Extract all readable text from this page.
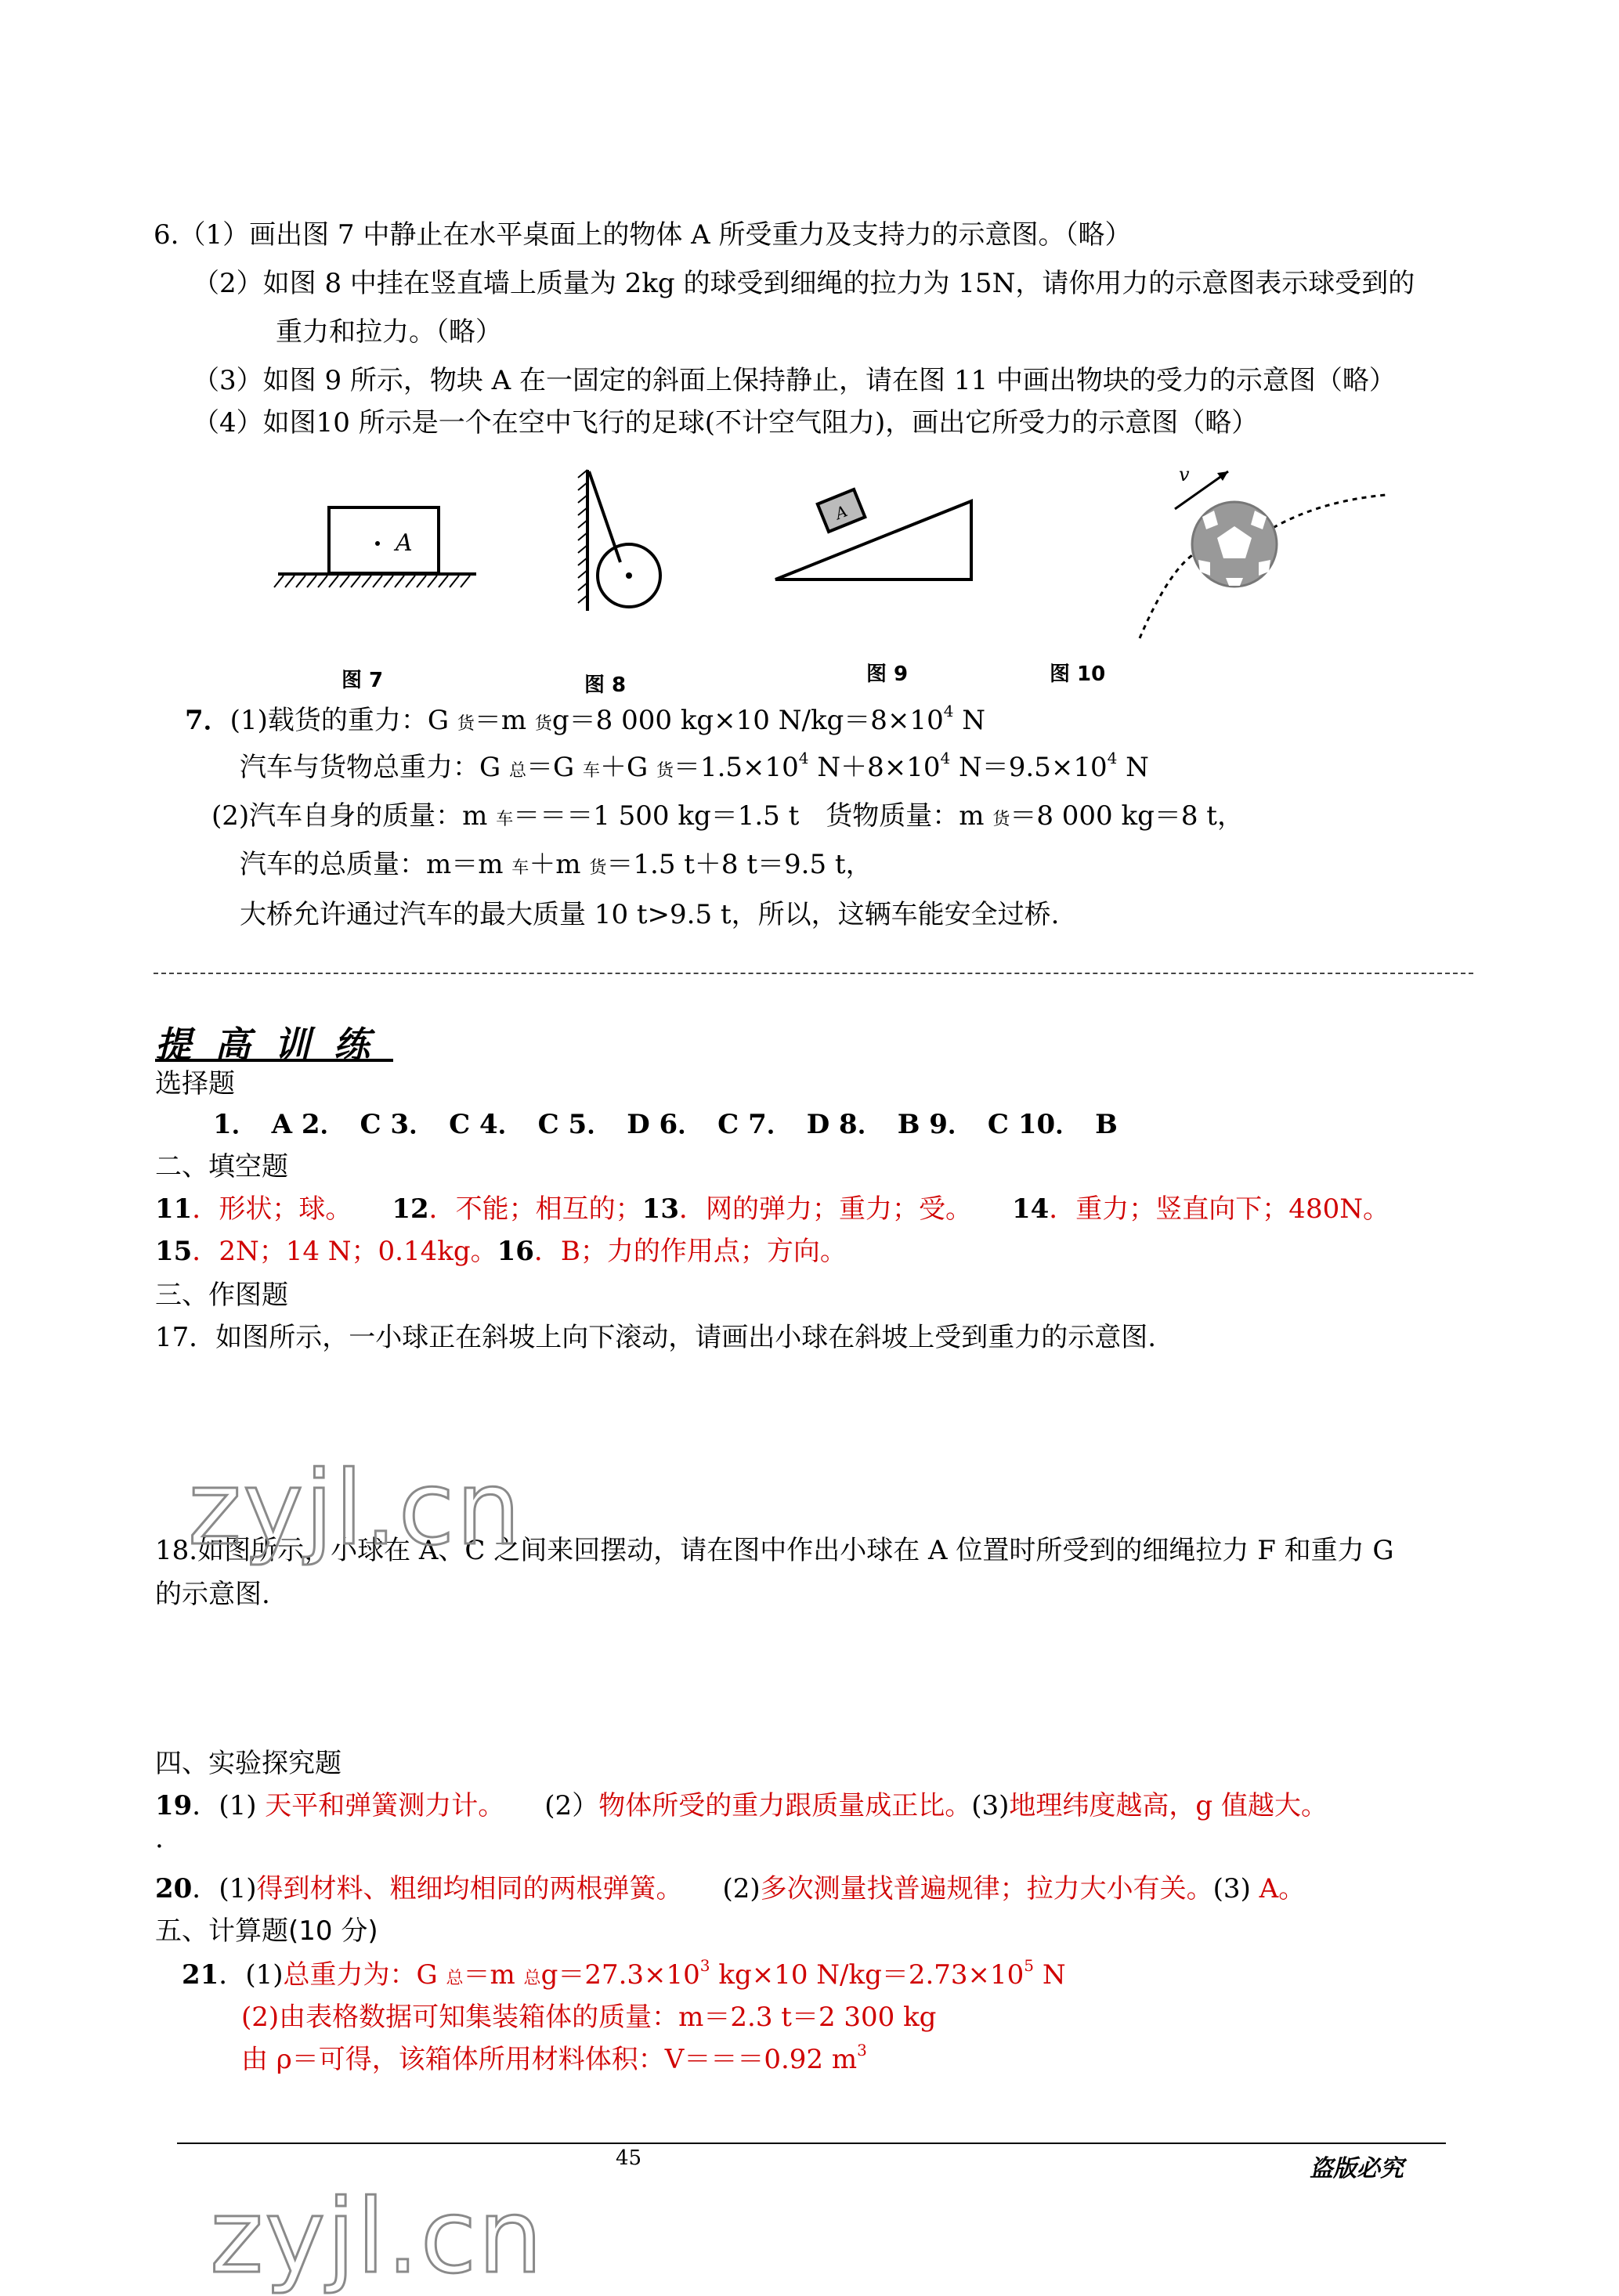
6.（1）画出图 7 中静止在水平桌面上的物体 A 所受重力及支持力的示意图。（略）
（2）如图 8 中挂在竖直墙上质量为 2kg 的球受到细绳的拉力为 15N，请你用力的示意图表示球受到的
重力和拉力。（略）
（3）如图 9 所示，物块 A 在一固定的斜面上保持静止，请在图 11 中画出物块的受力的示意图（略）
（4）如图10 所示是一个在空中飞行的足球(不计空气阻力)，画出它所受力的示意图（略）
A
A
v
图 7	图 8	图 9	图 10
7．(1)载货的重力：G 货＝m 货g＝8 000 kg×10 $N/kg=8\times 10^4$ N
汽车与货物总重力：G 总＝G 车＋G 货$=1.5\times 10^4$ $N+8\times 10^4$ $N=9.5\times 10^4$ N
(2)汽车自身的质量：m 车＝＝＝1 500 kg＝1.5 t　货物质量：m 货＝8 000 kg＝8 t，
汽车的总质量：m＝m 车＋m 货＝1.5 t＋8 t＝9.5 t，
大桥允许通过汽车的最大质量 10 t>9.5 t，所以，这辆车能安全过桥.
提高训练
选择题
1．　A 2．　C 3．　C 4．　C 5．　D 6．　C 7．　D 8．　B 9．　C 10．　B
二、填空题
11．形状；球。　　 12．不能；相互的；13．网的弹力；重力；受。　　 14．重力；竖直向下；480N。
15．2N；14 N；0.14kg。16．B；力的作用点；方向。
三、作图题
17．如图所示，一小球正在斜坡上向下滚动，请画出小球在斜坡上受到重力的示意图.
18.如图所示，小球在 A、C 之间来回摆动，请在图中作出小球在 A 位置时所受到的细绳拉力 F 和重力 G
的示意图.
四、实验探究题
19．(1) 天平和弹簧测力计。　　(2）物体所受的重力跟质量成正比。(3)地理纬度越高，g 值越大。
.
20．(1)得到材料、粗细均相同的两根弹簧。　　(2)多次测量找普遍规律；拉力大小有关。(3) A。
五、计算题(10 分)
21．(1)总重力为：G 总＝m 总$g=27.3\times 10^3$ kg×10 $N/kg=2.73\times 10^5$ N
(2)由表格数据可知集装箱体的质量：m＝2.3 t＝2 300 kg
由 ρ＝可得，该箱体所用材料体积：V＝＝＝0.92 $m^3$
45	盗版必究
zyjl.cn
zyjl.cn
